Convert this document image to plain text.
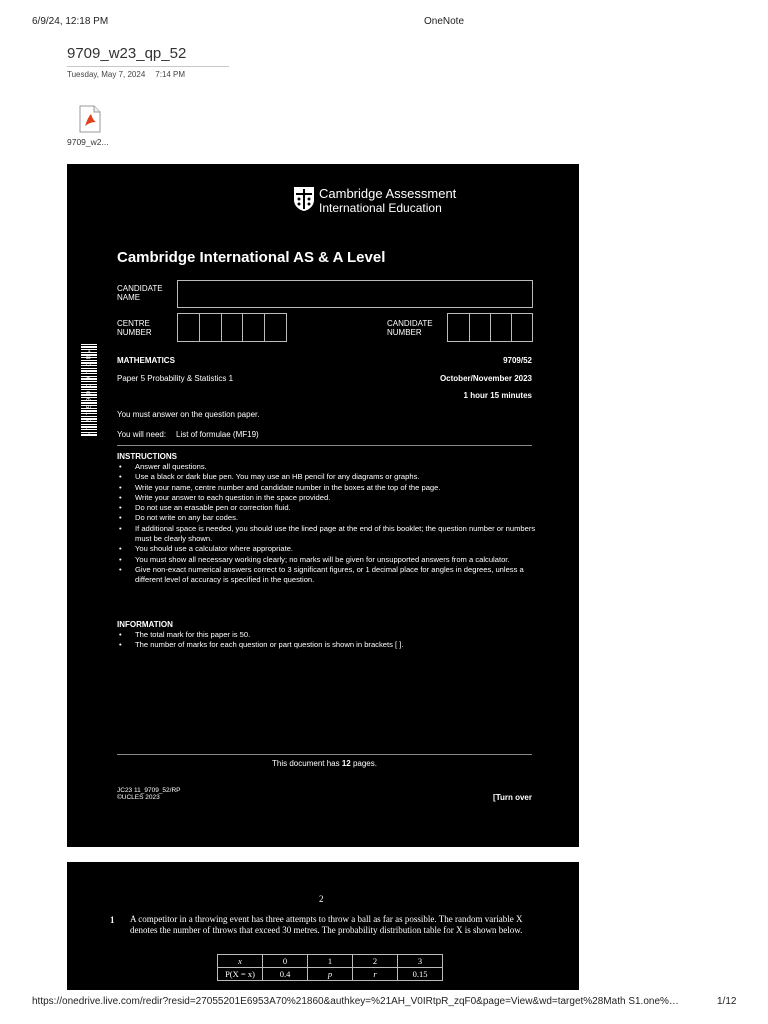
6/9/24, 12:18 PM	OneNote
9709_w23_qp_52
Tuesday, May 7, 2024 7:14 PM
9709_w2...
Cambridge Assessment
International Education
Cambridge International AS & A Level
CANDIDATE
NAME
CENTRE
NUMBER
CANDIDATE
NUMBER
* 8 0 1 6 0 0 6 5 1 7 1 *	MATHEMATICS	9709/52
Paper 5 Probability & Statistics 1	October/November 2023
1 hour 15 minutes
You must answer on the question paper.
You will need: List of formulae (MF19)
INSTRUCTIONS
• Answer all questions.
• Use a black or dark blue pen. You may use an HB pencil for any diagrams or graphs.
• Write your name, centre number and candidate number in the boxes at the top of the page.
• Write your answer to each question in the space provided.
• Do not use an erasable pen or correction fluid.
• Do not write on any bar codes.
• If additional space is needed, you should use the lined page at the end of this booklet; the question number or numbers must be clearly shown.
• You should use a calculator where appropriate.
• You must show all necessary working clearly; no marks will be given for unsupported answers from a calculator.
• Give non-exact numerical answers correct to 3 significant figures, or 1 decimal place for angles in degrees, unless a different level of accuracy is specified in the question.
INFORMATION
• The total mark for this paper is 50.
• The number of marks for each question or part question is shown in brackets [ ].
This document has 12 pages.
JC23 11_9709_52/RP
©UCLES 2023	[Turn over
2
1 A competitor in a throwing event has three attempts to throw a ball as far as possible. The random variable X denotes the number of throws that exceed 30 metres. The probability distribution table for X is shown below.
x	0	1	2	3
P(X = x)	0.4	p	r	0.15
https://onedrive.live.com/redir?resid=27055201E6953A70%21860&authkey=%21AH_V0IRtpR_zqF0&page=View&wd=target%28Math S1.one%…	1/12
